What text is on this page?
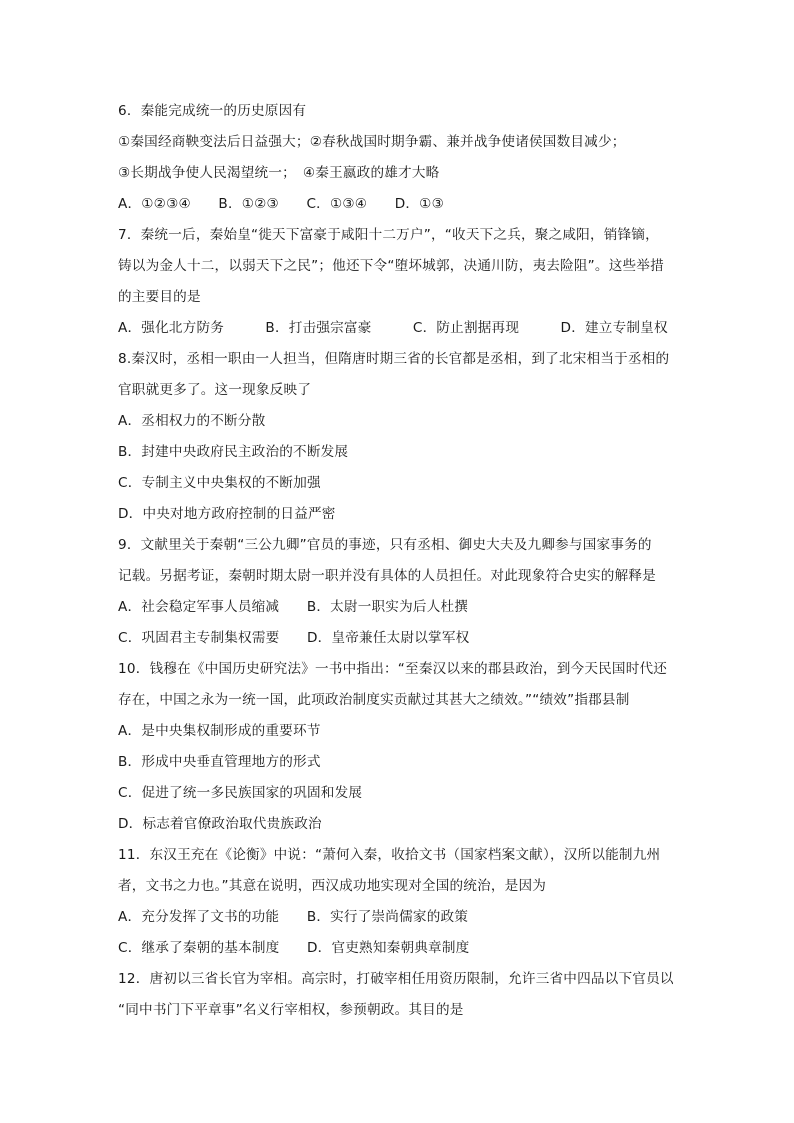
6．秦能完成统一的历史原因有
①秦国经商鞅变法后日益强大；②春秋战国时期争霸、兼并战争使诸侯国数目减少；
③长期战争使人民渴望统一；　④秦王嬴政的雄才大略
A．①②③④　　B．①②③　　C．①③④　　D．①③
7．秦统一后，秦始皇“徙天下富豪于咸阳十二万户”，“收天下之兵，聚之咸阳，销锋镝，
铸以为金人十二，以弱天下之民”；他还下令“堕坏城郭，决通川防，夷去险阻”。这些举措
的主要目的是
A．强化北方防务　　　B．打击强宗富豪　　　C．防止割据再现　　　D．建立专制皇权
8.秦汉时，丞相一职由一人担当，但隋唐时期三省的长官都是丞相，到了北宋相当于丞相的
官职就更多了。这一现象反映了
A．丞相权力的不断分散
B．封建中央政府民主政治的不断发展
C．专制主义中央集权的不断加强
D．中央对地方政府控制的日益严密
9．文献里关于秦朝“三公九卿”官员的事迹，只有丞相、御史大夫及九卿参与国家事务的
记载。另据考证，秦朝时期太尉一职并没有具体的人员担任。对此现象符合史实的解释是
A．社会稳定军事人员缩减　　B．太尉一职实为后人杜撰
C．巩固君主专制集权需要　　D．皇帝兼任太尉以掌军权
10．钱穆在《中国历史研究法》一书中指出：“至秦汉以来的郡县政治，到今天民国时代还
存在，中国之永为一统一国，此项政治制度实贡献过其甚大之绩效。”“绩效”指郡县制
A．是中央集权制形成的重要环节
B．形成中央垂直管理地方的形式
C．促进了统一多民族国家的巩固和发展
D．标志着官僚政治取代贵族政治
11．东汉王充在《论衡》中说：“萧何入秦，收拾文书（国家档案文献），汉所以能制九州
者，文书之力也。”其意在说明，西汉成功地实现对全国的统治，是因为
A．充分发挥了文书的功能　　B．实行了崇尚儒家的政策
C．继承了秦朝的基本制度　　D．官吏熟知秦朝典章制度
12．唐初以三省长官为宰相。高宗时，打破宰相任用资历限制，允许三省中四品以下官员以
“同中书门下平章事”名义行宰相权，参预朝政。其目的是
